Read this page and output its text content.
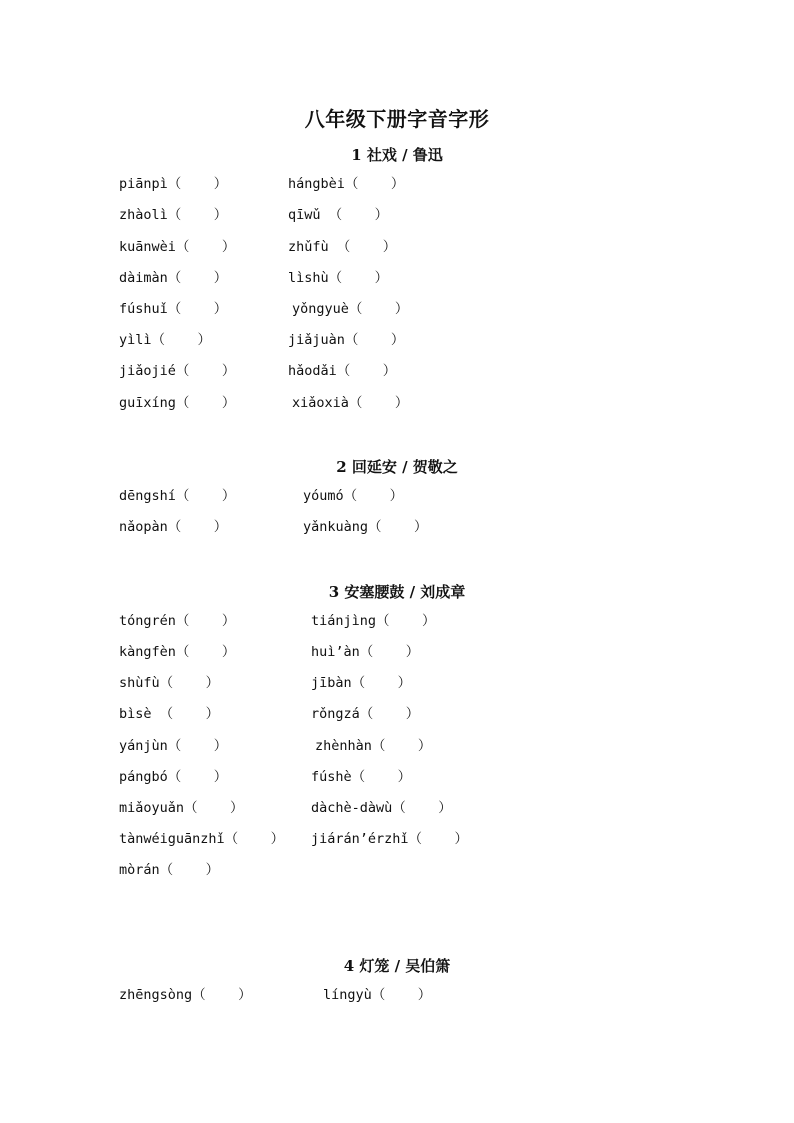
八年级下册字音字形
1 社戏 / 鲁迅
piānpì（    ）	hángbèi（    ）
zhàolì（    ）	qīwǔ （    ）
kuānwèi（    ）	zhǔfù （    ）
dàimàn（    ）	lìshù（    ）
fúshuǐ（    ）	yǒngyuè（    ）
yìlì（    ）	jiǎjuàn（    ）
jiǎojié（    ）	hǎodǎi（    ）
guīxíng（    ）	xiǎoxià（    ）
2 回延安 / 贺敬之
dēngshí（    ）	yóumó（    ）
nǎopàn（    ）	yǎnkuàng（    ）
3 安塞腰鼓 / 刘成章
tóngrén（    ）	tiánjìng（    ）
kàngfèn（    ）	huì’àn（    ）
shùfù（    ）	jībàn（    ）
bìsè （    ）	rǒngzá（    ）
yánjùn（    ）	zhènhàn（    ）
pángbó（    ）	fúshè（    ）
miǎoyuǎn（    ）	dàchè-dàwù（    ）
tànwéiguānzhǐ（    ） jiárán’érzhǐ（    ）
mòrán（    ）
4 灯笼 / 吴伯箫
zhēngsòng（    ）	língyù（    ）
